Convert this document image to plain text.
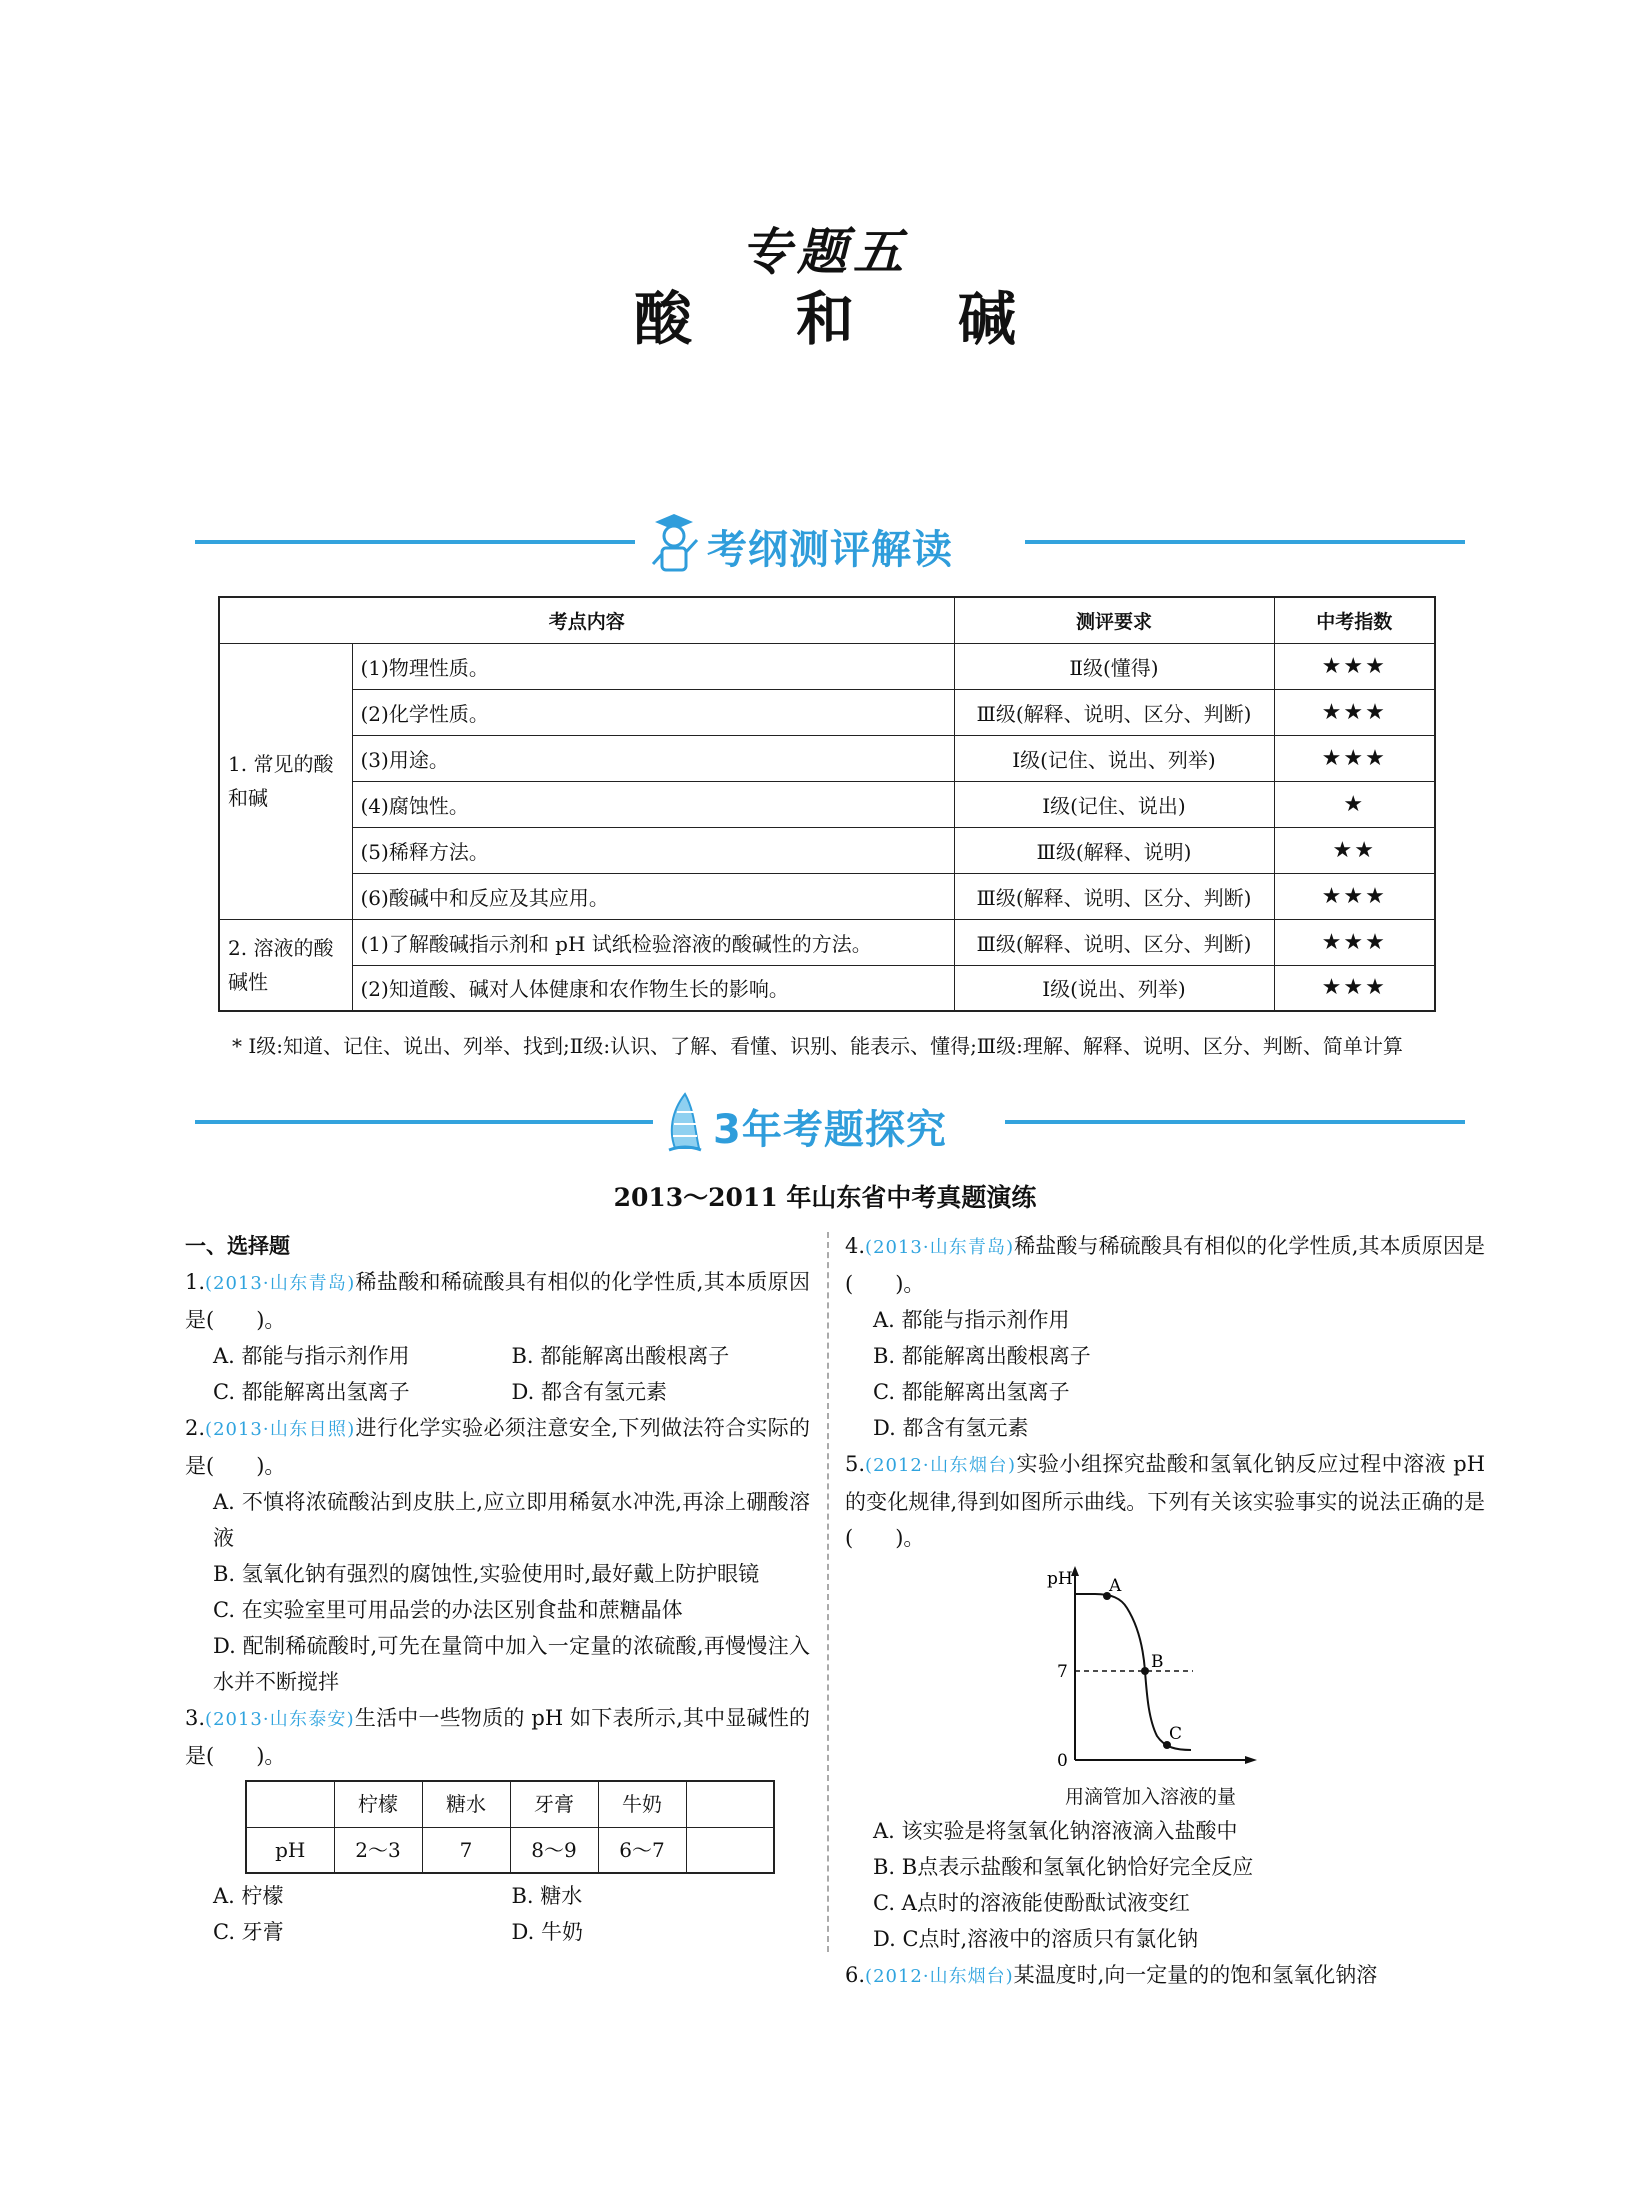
专题五
酸 和 碱
考纲测评解读
考点内容		测评要求	中考指数
1. 常见的酸和碱	(1)物理性质。	Ⅱ级(懂得)	★★★
	(2)化学性质。	Ⅲ级(解释、说明、区分、判断)	★★★
	(3)用途。	Ⅰ级(记住、说出、列举)	★★★
	(4)腐蚀性。	Ⅰ级(记住、说出)	★
	(5)稀释方法。	Ⅲ级(解释、说明)	★★
	(6)酸碱中和反应及其应用。	Ⅲ级(解释、说明、区分、判断)	★★★
2. 溶液的酸碱性	(1)了解酸碱指示剂和 pH 试纸检验溶液的酸碱性的方法。	Ⅲ级(解释、说明、区分、判断)	★★★
	(2)知道酸、碱对人体健康和农作物生长的影响。	Ⅰ级(说出、列举)	★★★
* Ⅰ级:知道、记住、说出、列举、找到;Ⅱ级:认识、了解、看懂、识别、能表示、懂得;Ⅲ级:理解、解释、说明、区分、判断、简单计算
3年考题探究
2013～2011 年山东省中考真题演练
一、选择题
1.(2013·山东青岛)稀盐酸和稀硫酸具有相似的化学性质,其本质原因是(　　)。
A. 都能与指示剂作用	B. 都能解离出酸根离子
C. 都能解离出氢离子	D. 都含有氢元素
2.(2013·山东日照)进行化学实验必须注意安全,下列做法符合实际的是(　　)。
A. 不慎将浓硫酸沾到皮肤上,应立即用稀氨水冲洗,再涂上硼酸溶液
B. 氢氧化钠有强烈的腐蚀性,实验使用时,最好戴上防护眼镜
C. 在实验室里可用品尝的办法区别食盐和蔗糖晶体
D. 配制稀硫酸时,可先在量筒中加入一定量的浓硫酸,再慢慢注入水并不断搅拌
3.(2013·山东泰安)生活中一些物质的 pH 如下表所示,其中显碱性的是(　　)。
	柠檬	糖水	牙膏	牛奶	
pH	2～3	7	8～9	6～7	
A. 柠檬	B. 糖水
C. 牙膏	D. 牛奶
4.(2013·山东青岛)稀盐酸与稀硫酸具有相似的化学性质,其本质原因是(　　)。
A. 都能与指示剂作用
B. 都能解离出酸根离子
C. 都能解离出氢离子
D. 都含有氢元素
5.(2012·山东烟台)实验小组探究盐酸和氢氧化钠反应过程中溶液 pH 的变化规律,得到如图所示曲线。下列有关该实验事实的说法正确的是(　　)。
pH
7
0
A
B
C
用滴管加入溶液的量
A. 该实验是将氢氧化钠溶液滴入盐酸中
B. B点表示盐酸和氢氧化钠恰好完全反应
C. A点时的溶液能使酚酞试液变红
D. C点时,溶液中的溶质只有氯化钠
6.(2012·山东烟台)某温度时,向一定量的的饱和氢氧化钠溶
